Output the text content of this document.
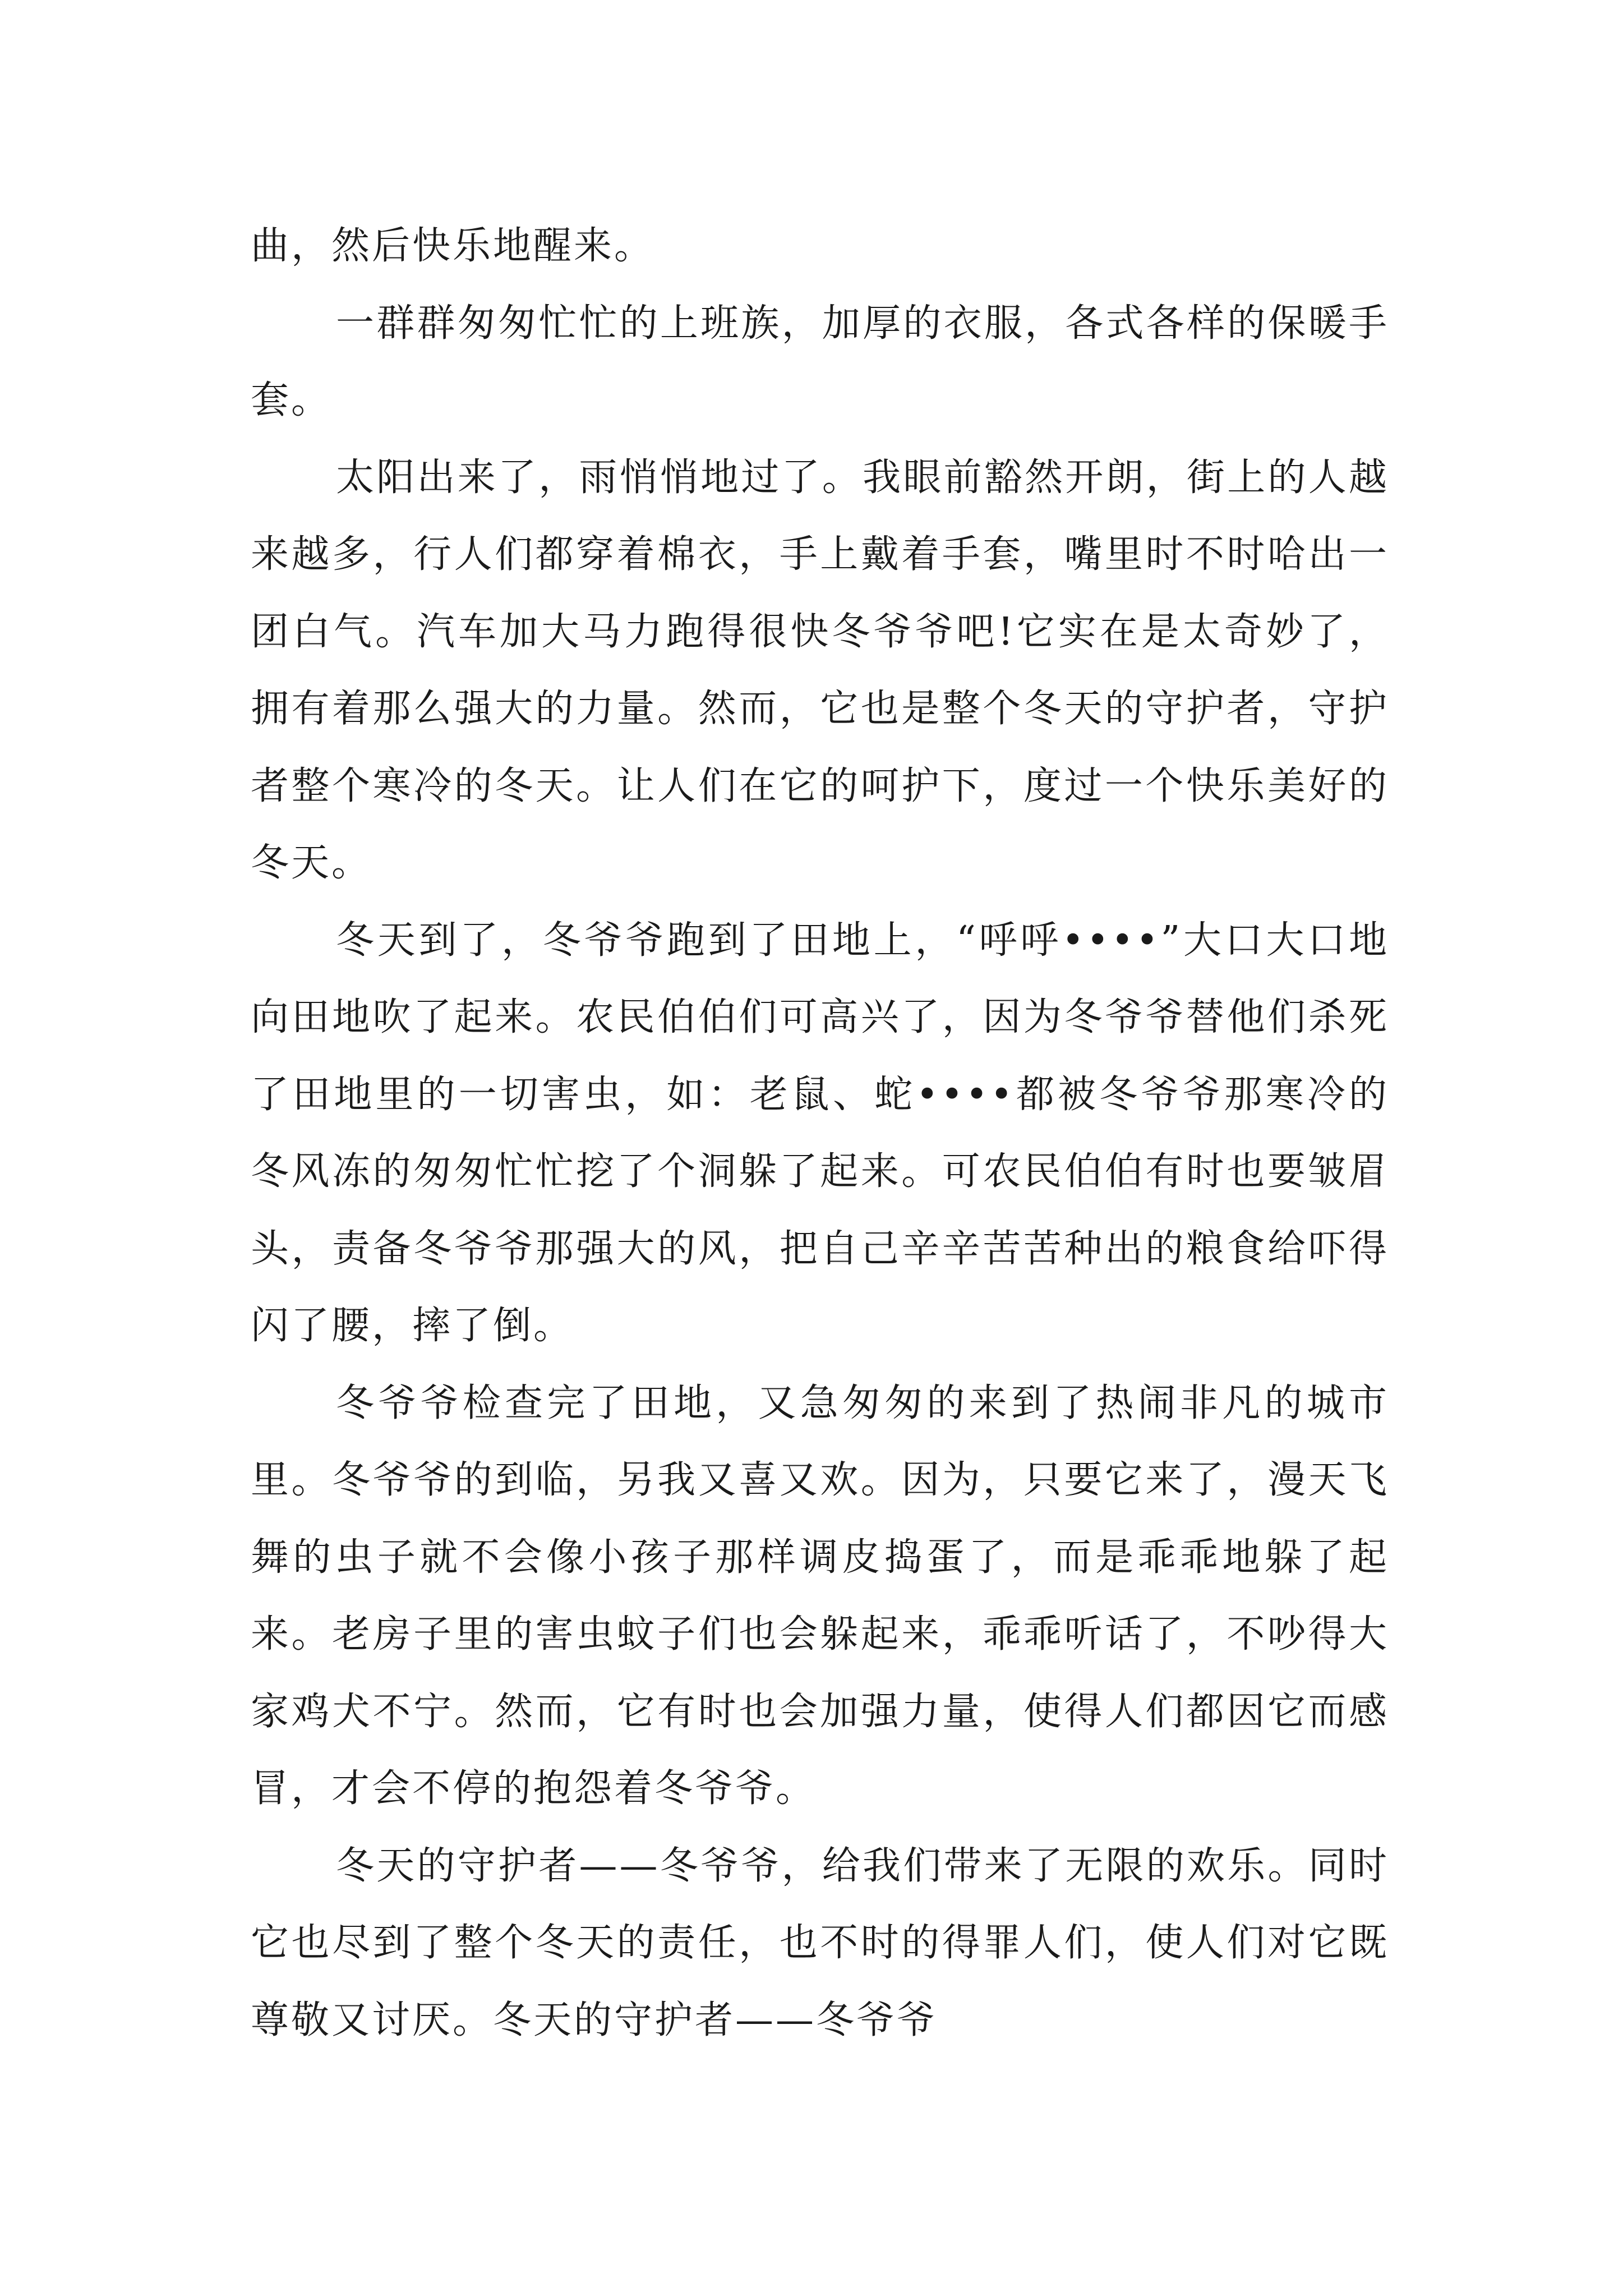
曲，然后快乐地醒来。

一群群匆匆忙忙的上班族，加厚的衣服，各式各样的保暖手套。

太阳出来了，雨悄悄地过了。我眼前豁然开朗，街上的人越来越多，行人们都穿着棉衣，手上戴着手套，嘴里时不时哈出一团白气。汽车加大马力跑得很快冬爷爷吧!它实在是太奇妙了，拥有着那么强大的力量。然而，它也是整个冬天的守护者，守护者整个寒冷的冬天。让人们在它的呵护下，度过一个快乐美好的冬天。

冬天到了，冬爷爷跑到了田地上，“呼呼••••”大口大口地向田地吹了起来。农民伯伯们可高兴了，因为冬爷爷替他们杀死了田地里的一切害虫，如：老鼠、蛇••••都被冬爷爷那寒冷的冬风冻的匆匆忙忙挖了个洞躲了起来。可农民伯伯有时也要皱眉头，责备冬爷爷那强大的风，把自己辛辛苦苦种出的粮食给吓得闪了腰，摔了倒。

冬爷爷检查完了田地，又急匆匆的来到了热闹非凡的城市里。冬爷爷的到临，另我又喜又欢。因为，只要它来了，漫天飞舞的虫子就不会像小孩子那样调皮捣蛋了，而是乖乖地躲了起来。老房子里的害虫蚊子们也会躲起来，乖乖听话了，不吵得大家鸡犬不宁。然而，它有时也会加强力量，使得人们都因它而感冒，才会不停的抱怨着冬爷爷。

冬天的守护者——冬爷爷，给我们带来了无限的欢乐。同时它也尽到了整个冬天的责任，也不时的得罪人们，使人们对它既尊敬又讨厌。冬天的守护者——冬爷爷
